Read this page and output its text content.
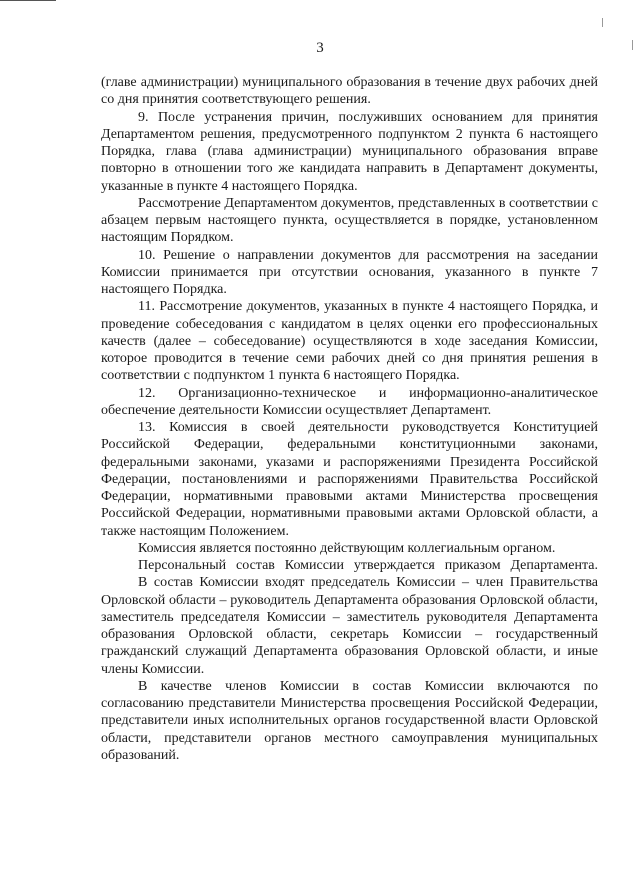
3

(главе администрации) муниципального образования в течение двух рабочих дней со дня принятия соответствующего решения.

9. После устранения причин, послуживших основанием для принятия Департаментом решения, предусмотренного подпунктом 2 пункта 6 настоящего Порядка, глава (глава администрации) муниципального образования вправе повторно в отношении того же кандидата направить в Департамент документы, указанные в пункте 4 настоящего Порядка.

Рассмотрение Департаментом документов, представленных в соответствии с абзацем первым настоящего пункта, осуществляется в порядке, установленном настоящим Порядком.

10. Решение о направлении документов для рассмотрения на заседании Комиссии принимается при отсутствии основания, указанного в пункте 7 настоящего Порядка.

11. Рассмотрение документов, указанных в пункте 4 настоящего Порядка, и проведение собеседования с кандидатом в целях оценки его профессиональных качеств (далее – собеседование) осуществляются в ходе заседания Комиссии, которое проводится в течение семи рабочих дней со дня принятия решения в соответствии с подпунктом 1 пункта 6 настоящего Порядка.

12. Организационно-техническое и информационно-аналитическое обеспечение деятельности Комиссии осуществляет Департамент.

13. Комиссия в своей деятельности руководствуется Конституцией Российской Федерации, федеральными конституционными законами, федеральными законами, указами и распоряжениями Президента Российской Федерации, постановлениями и распоряжениями Правительства Российской Федерации, нормативными правовыми актами Министерства просвещения Российской Федерации, нормативными правовыми актами Орловской области, а также настоящим Положением.

Комиссия является постоянно действующим коллегиальным органом.

Персональный состав Комиссии утверждается приказом Департамента.

В состав Комиссии входят председатель Комиссии – член Правительства Орловской области – руководитель Департамента образования Орловской области, заместитель председателя Комиссии – заместитель руководителя Департамента образования Орловской области, секретарь Комиссии – государственный гражданский служащий Департамента образования Орловской области, и иные члены Комиссии.

В качестве членов Комиссии в состав Комиссии включаются по согласованию представители Министерства просвещения Российской Федерации, представители иных исполнительных органов государственной власти Орловской области, представители органов местного самоуправления муниципальных образований.
